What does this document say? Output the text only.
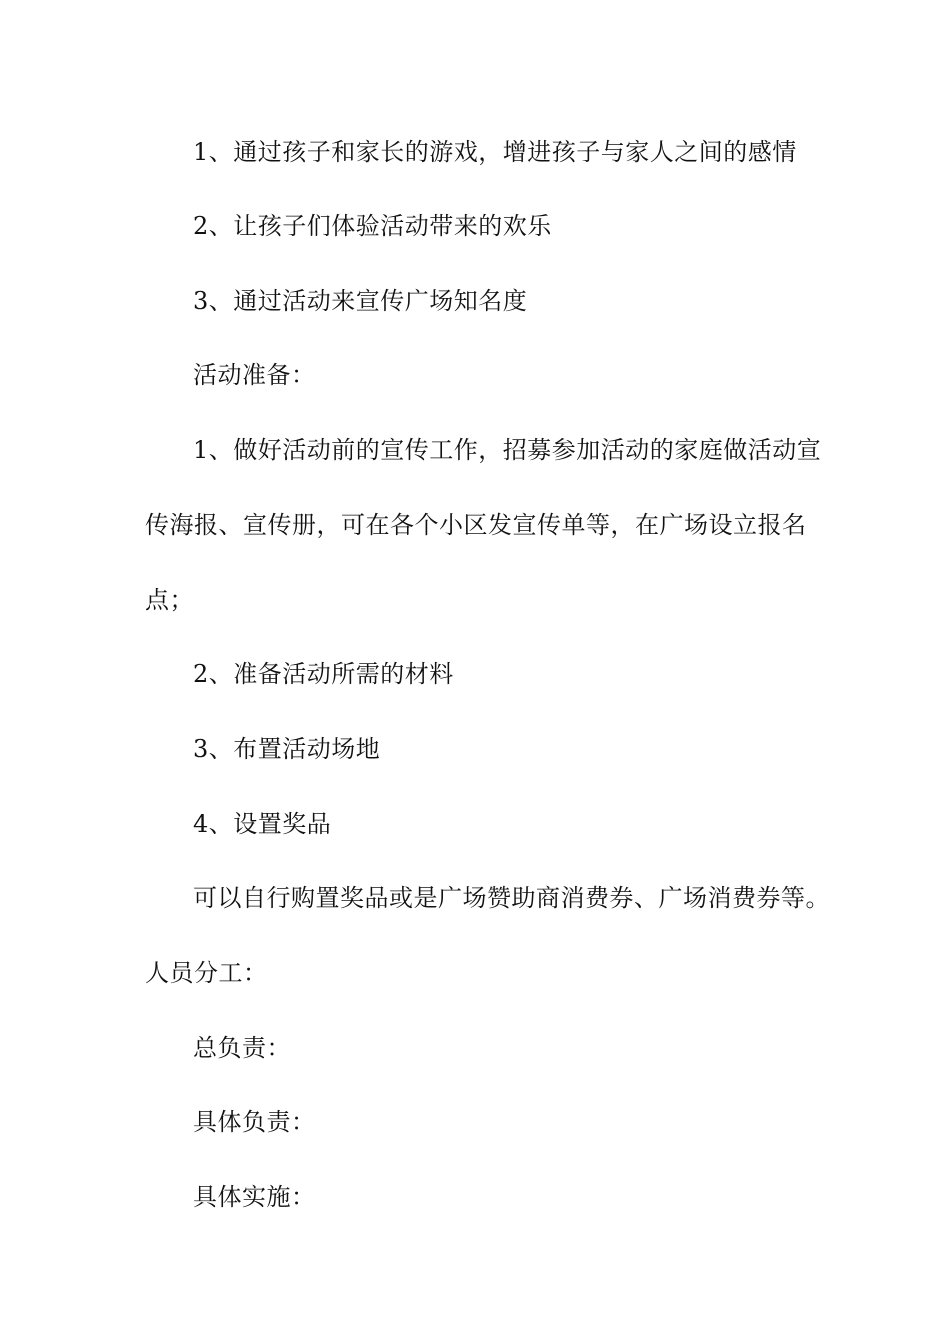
1、通过孩子和家长的游戏，增进孩子与家人之间的感情

2、让孩子们体验活动带来的欢乐

3、通过活动来宣传广场知名度

活动准备：

1、做好活动前的宣传工作，招募参加活动的家庭做活动宣

传海报、宣传册，可在各个小区发宣传单等，在广场设立报名

点；

2、准备活动所需的材料

3、布置活动场地

4、设置奖品

可以自行购置奖品或是广场赞助商消费券、广场消费券等。

人员分工：

总负责：

具体负责：

具体实施：
